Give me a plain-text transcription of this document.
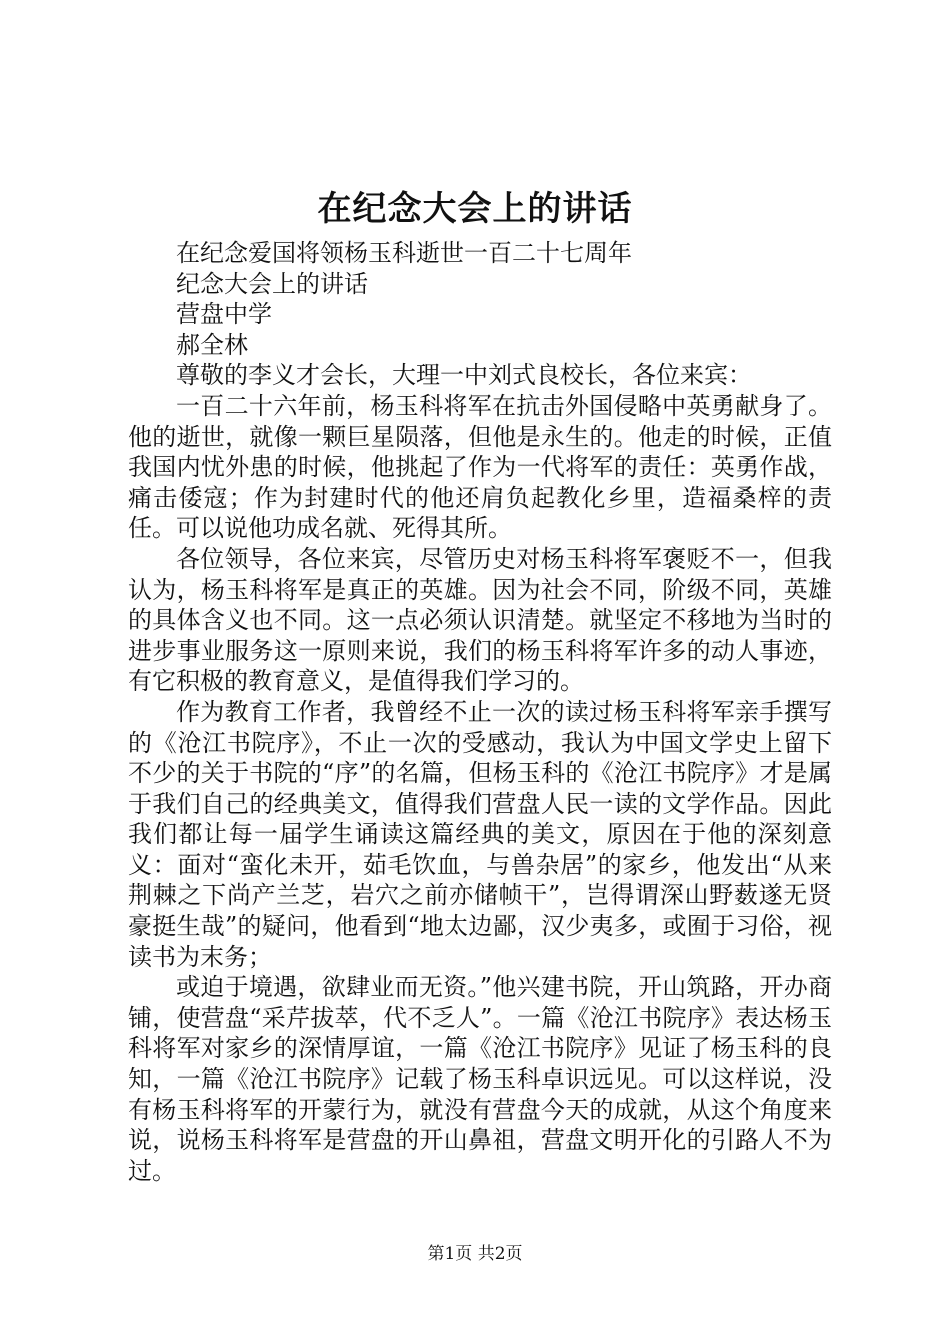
在纪念大会上的讲话

在纪念爱国将领杨玉科逝世一百二十七周年

纪念大会上的讲话

营盘中学

郝全林

尊敬的李义才会长，大理一中刘式良校长，各位来宾：

一百二十六年前，杨玉科将军在抗击外国侵略中英勇献身了。他的逝世，就像一颗巨星陨落，但他是永生的。他走的时候，正值我国内忧外患的时候，他挑起了作为一代将军的责任：英勇作战，痛击倭寇；作为封建时代的他还肩负起教化乡里，造福桑梓的责任。可以说他功成名就、死得其所。

各位领导，各位来宾，尽管历史对杨玉科将军褒贬不一，但我认为，杨玉科将军是真正的英雄。因为社会不同，阶级不同，英雄的具体含义也不同。这一点必须认识清楚。就坚定不移地为当时的进步事业服务这一原则来说，我们的杨玉科将军许多的动人事迹，有它积极的教育意义，是值得我们学习的。

作为教育工作者，我曾经不止一次的读过杨玉科将军亲手撰写的《沧江书院序》，不止一次的受感动，我认为中国文学史上留下不少的关于书院的“序”的名篇，但杨玉科的《沧江书院序》才是属于我们自己的经典美文，值得我们营盘人民一读的文学作品。因此我们都让每一届学生诵读这篇经典的美文，原因在于他的深刻意义：面对“蛮化未开，茹毛饮血，与兽杂居”的家乡，他发出“从来荆棘之下尚产兰芝，岩穴之前亦储帧干”，岂得谓深山野薮遂无贤豪挺生哉”的疑问，他看到“地太边鄙，汉少夷多，或囿于习俗，视读书为末务；

或迫于境遇，欲肆业而无资。”他兴建书院，开山筑路，开办商铺，使营盘“采芹拔萃，代不乏人”。一篇《沧江书院序》表达杨玉科将军对家乡的深情厚谊，一篇《沧江书院序》见证了杨玉科的良知，一篇《沧江书院序》记载了杨玉科卓识远见。可以这样说，没有杨玉科将军的开蒙行为，就没有营盘今天的成就，从这个角度来说，说杨玉科将军是营盘的开山鼻祖，营盘文明开化的引路人不为过。

第1页 共2页
